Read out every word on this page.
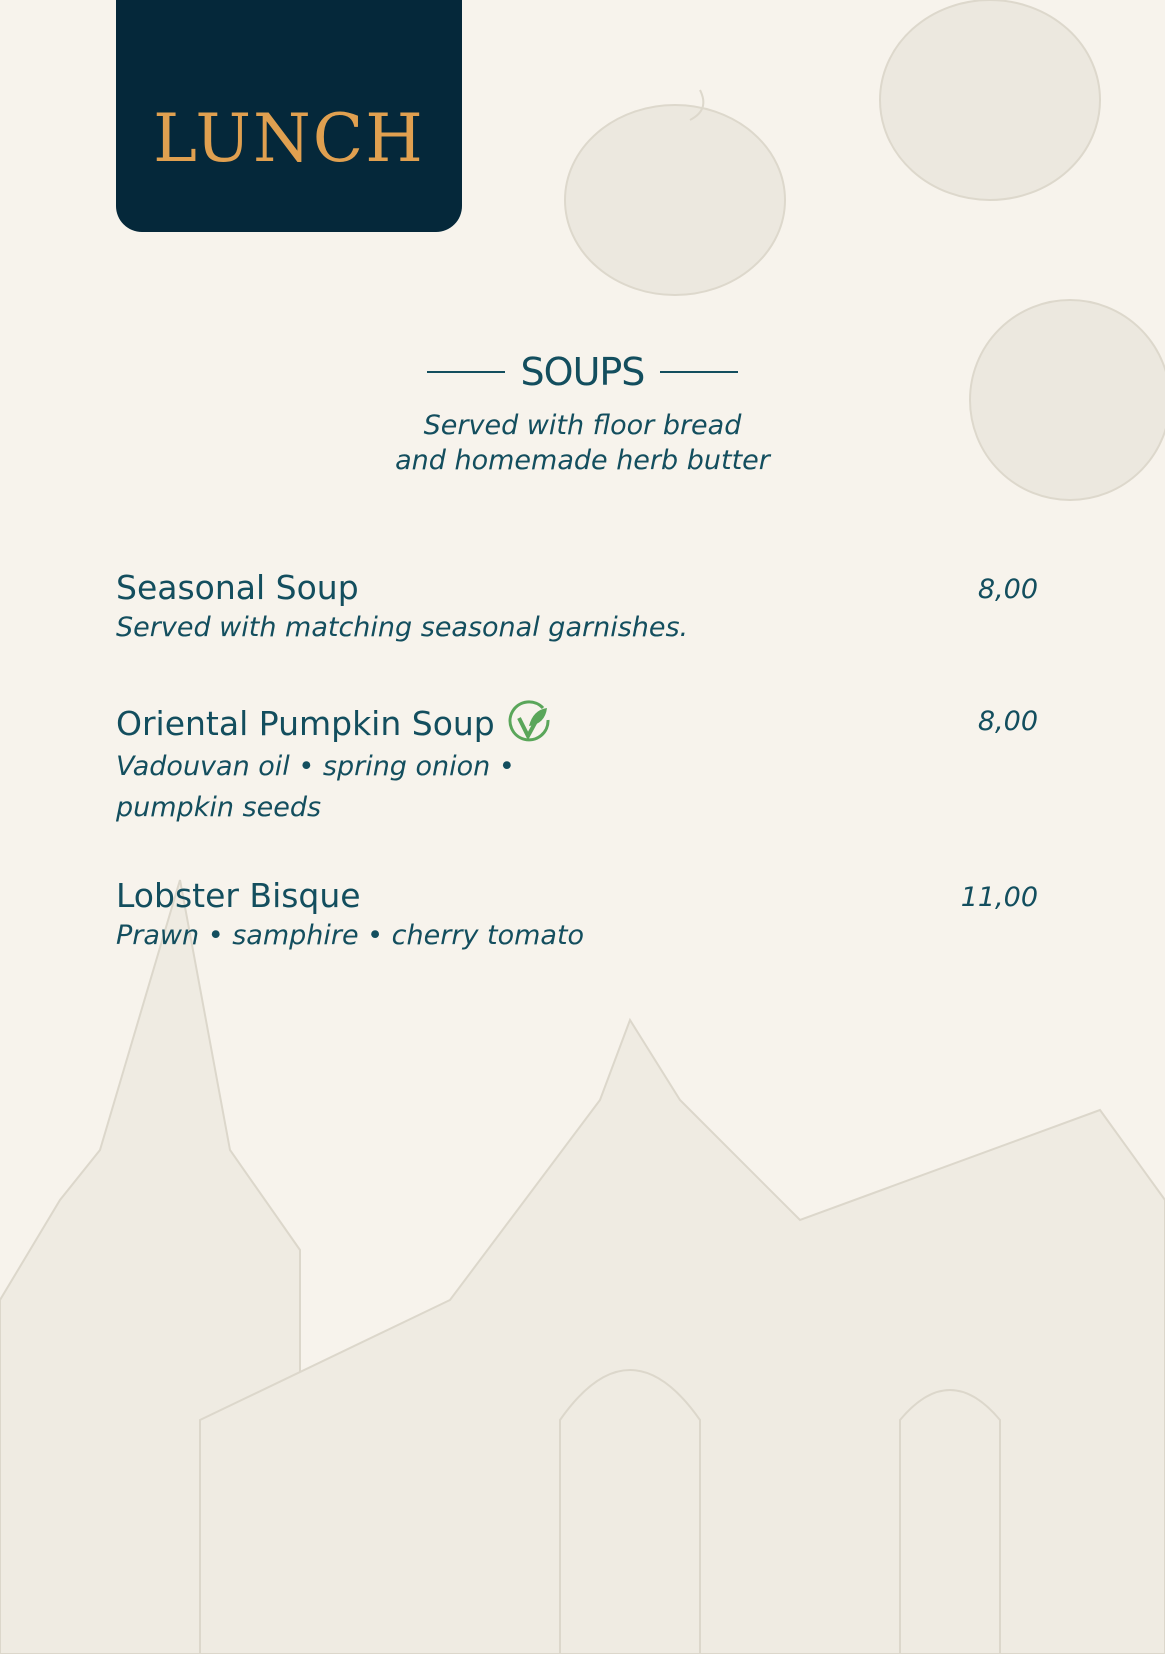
LUNCH
SOUPS
Served with floor bread
and homemade herb butter
Seasonal Soup
Served with matching seasonal garnishes.
8,00
Oriental Pumpkin Soup
Vadouvan oil • spring onion • pumpkin seeds
8,00
Lobster Bisque
Prawn • samphire • cherry tomato
11,00
